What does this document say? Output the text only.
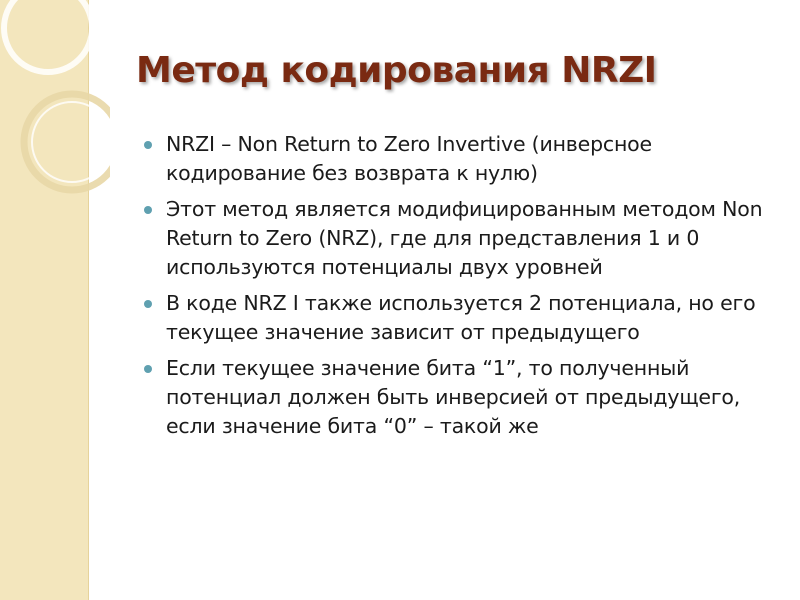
Метод кодирования NRZI
NRZI – Non Return to Zero Invertive (инверсное кодирование без возврата к нулю)
Этот метод является модифицированным методом Non Return to Zero (NRZ), где для представления 1 и 0 используются потенциалы двух уровней
В коде NRZ I также используется 2 потенциала, но его текущее значение зависит от предыдущего
Если текущее значение бита “1”, то полученный потенциал должен быть инверсией от предыдущего, если значение бита “0” – такой же
